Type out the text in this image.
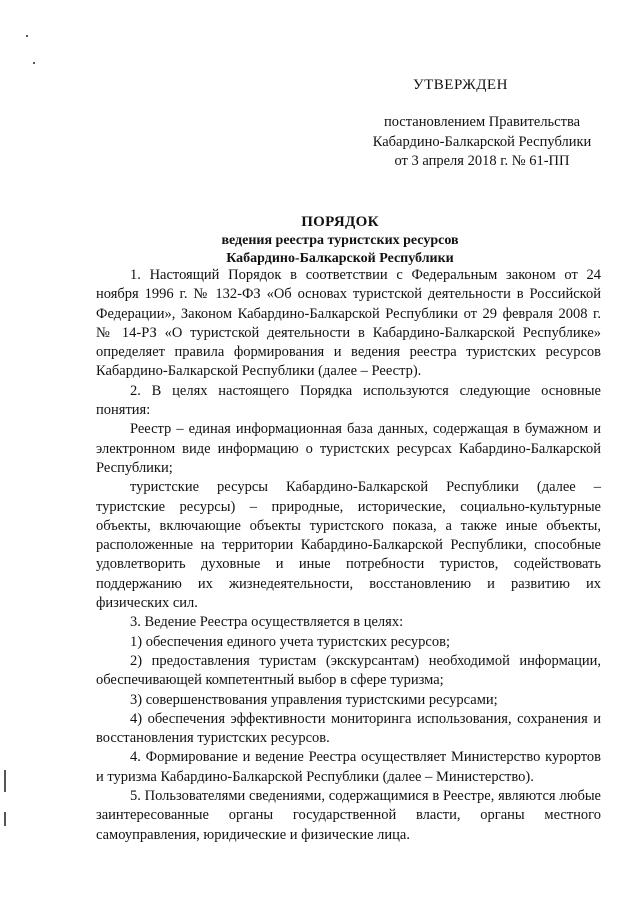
УТВЕРЖДЕН
постановлением Правительства
Кабардино-Балкарской Республики
от 3 апреля 2018 г. № 61-ПП
ПОРЯДОК
ведения реестра туристских ресурсов
Кабардино-Балкарской Республики

1. Настоящий Порядок в соответствии с Федеральным законом от 24 ноября 1996 г. № 132-ФЗ «Об основах туристской деятельности в Российской Федерации», Законом Кабардино-Балкарской Республики от 29 февраля 2008 г. № 14-РЗ «О туристской деятельности в Кабардино-Балкарской Республике» определяет правила формирования и ведения реестра туристских ресурсов Кабардино-Балкарской Республики (далее – Реестр).

2. В целях настоящего Порядка используются следующие основные понятия:

Реестр – единая информационная база данных, содержащая в бумажном и электронном виде информацию о туристских ресурсах Кабардино-Балкарской Республики;

туристские ресурсы Кабардино-Балкарской Республики (далее – туристские ресурсы) – природные, исторические, социально-культурные объекты, включающие объекты туристского показа, а также иные объекты, расположенные на территории Кабардино-Балкарской Республики, способные удовлетворить духовные и иные потребности туристов, содействовать поддержанию их жизнедеятельности, восстановлению и развитию их физических сил.

3. Ведение Реестра осуществляется в целях:

1) обеспечения единого учета туристских ресурсов;

2) предоставления туристам (экскурсантам) необходимой информации, обеспечивающей компетентный выбор в сфере туризма;

3) совершенствования управления туристскими ресурсами;

4) обеспечения эффективности мониторинга использования, сохранения и восстановления туристских ресурсов.

4. Формирование и ведение Реестра осуществляет Министерство курортов и туризма Кабардино-Балкарской Республики (далее – Министерство).

5. Пользователями сведениями, содержащимися в Реестре, являются любые заинтересованные органы государственной власти, органы местного самоуправления, юридические и физические лица.
